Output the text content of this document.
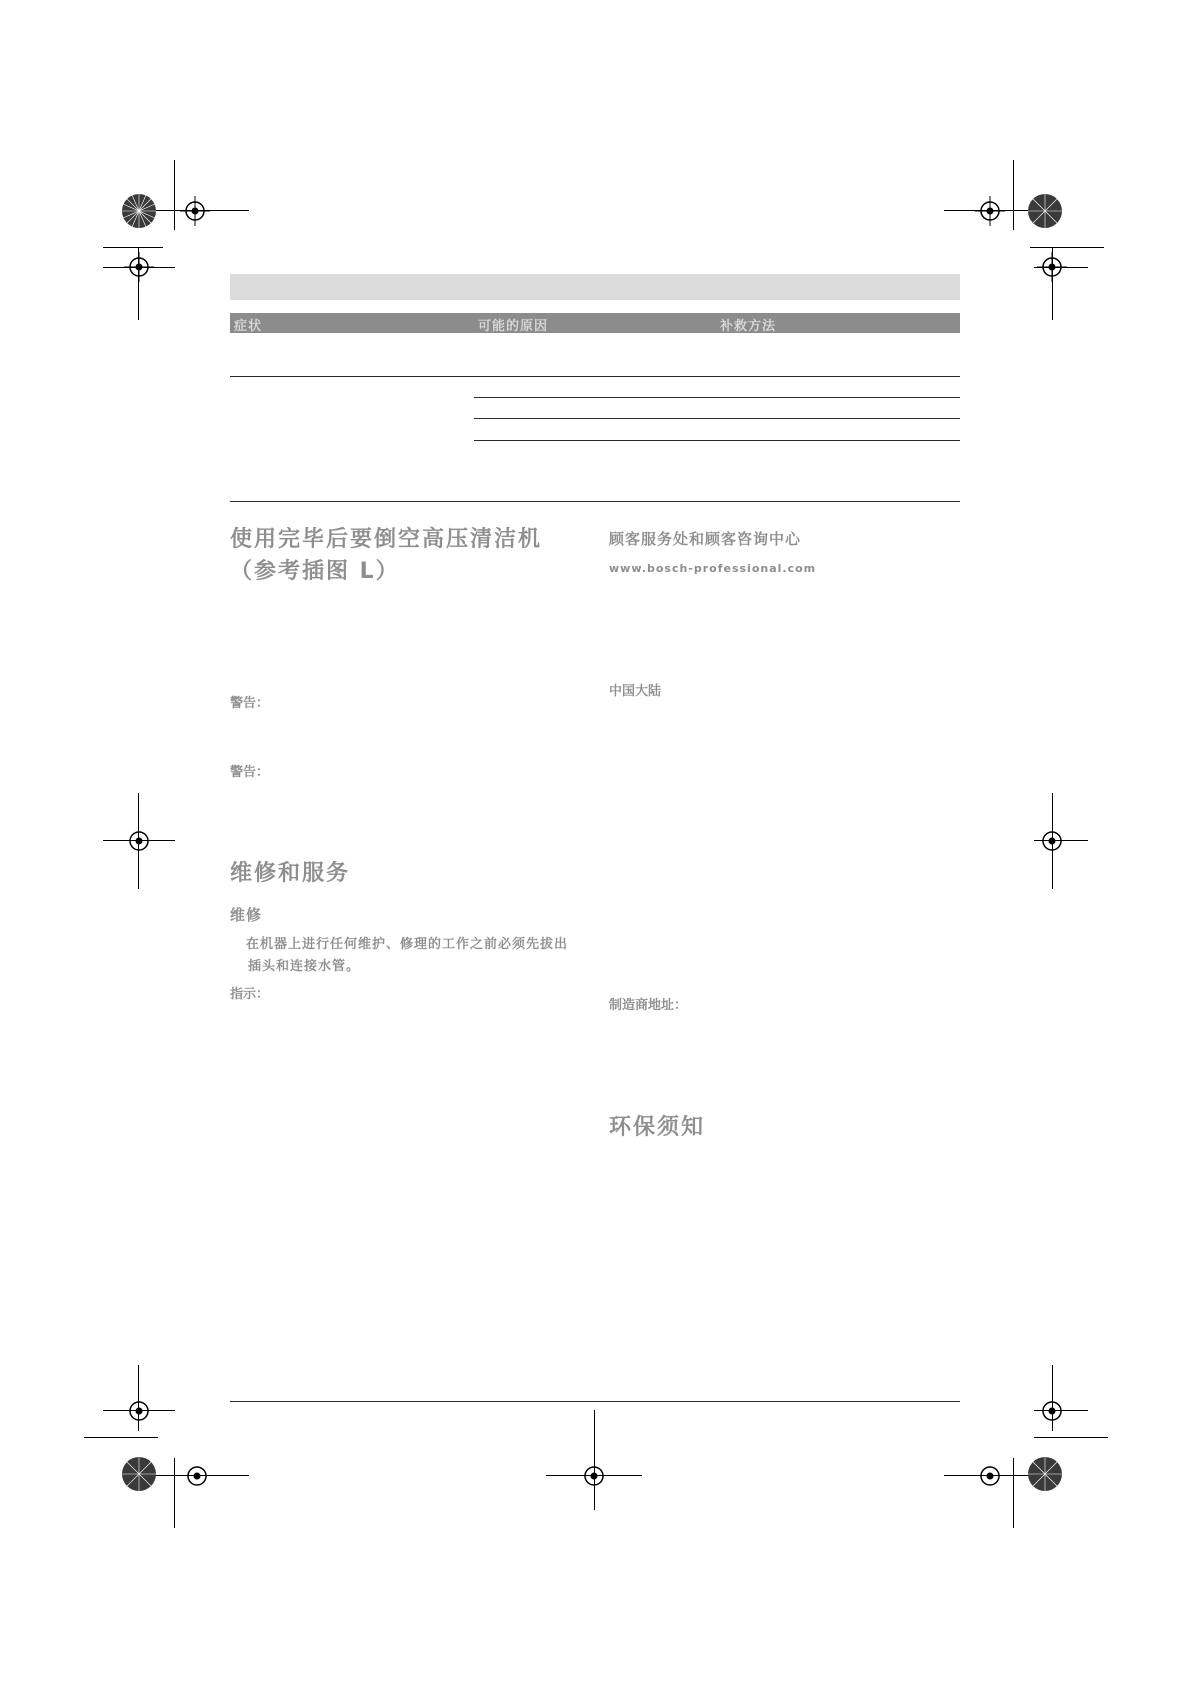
症状	可能的原因	补救方法
使用完毕后要倒空高压清洁机
（参考插图 L）
警告：
警告：
维修和服务
维修
在机器上进行任何维护、修理的工作之前必须先拔出
插头和连接水管。
指示：
顾客服务处和顾客咨询中心
www.bosch-professional.com
中国大陆
制造商地址：
环保须知
